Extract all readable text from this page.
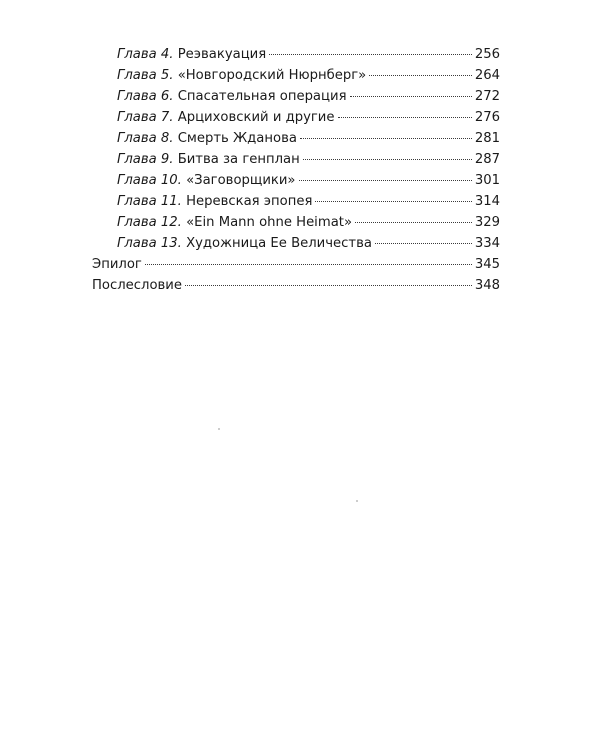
Глава 4. Реэвакуация	256
Глава 5. «Новгородский Нюрнберг»	264
Глава 6. Спасательная операция	272
Глава 7. Арциховский и другие	276
Глава 8. Смерть Жданова	281
Глава 9. Битва за генплан	287
Глава 10. «Заговорщики»	301
Глава 11. Неревская эпопея	314
Глава 12. «Ein Mann ohne Heimat»	329
Глава 13. Художница Ее Величества	334
Эпилог	345
Послесловие	348
